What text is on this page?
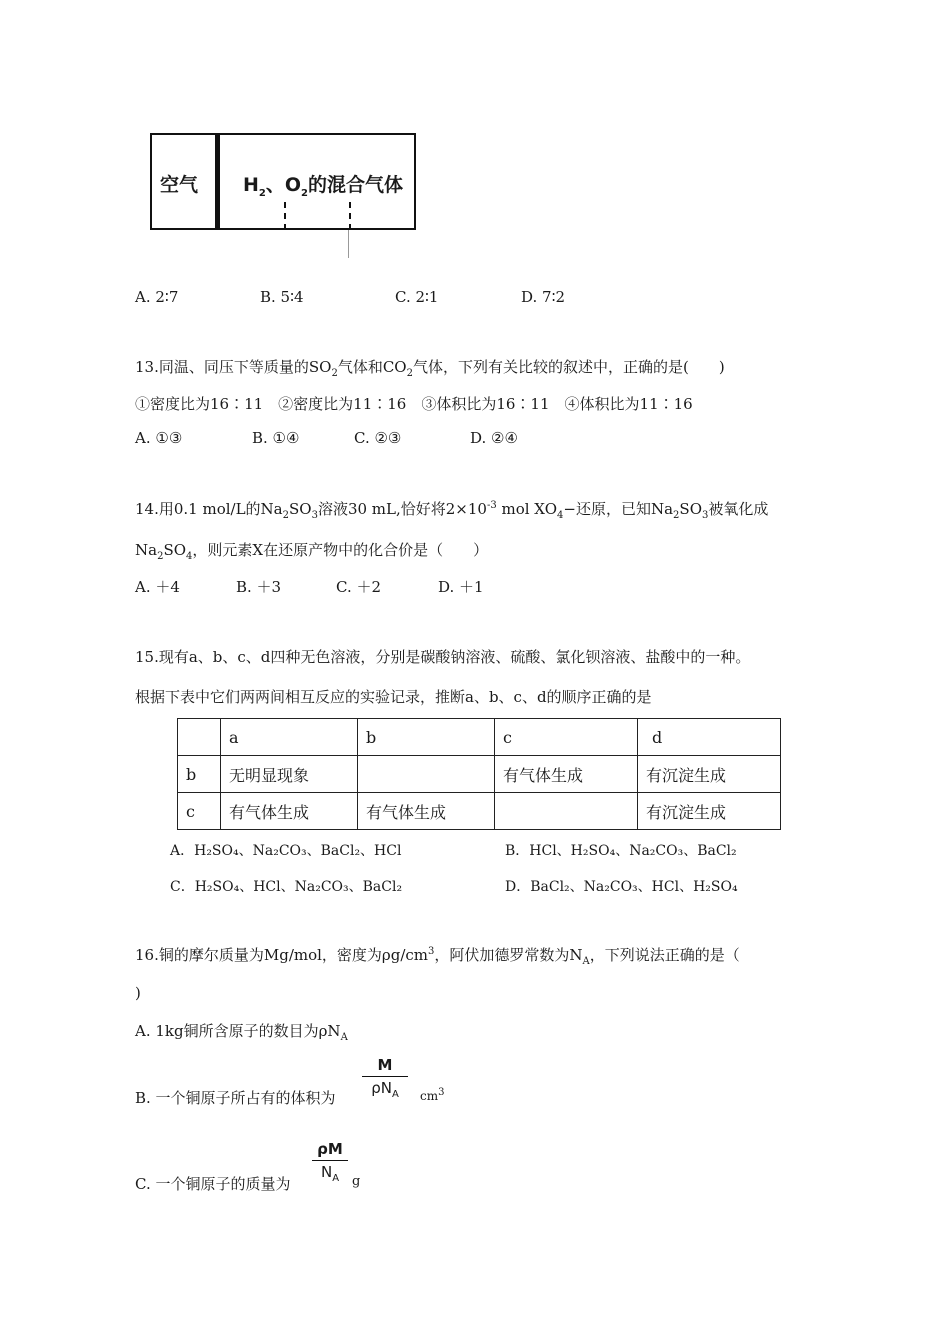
空气 $H_2$、$O_2$的混合气体
A. 2∶7	B. 5∶4	C. 2∶1	D. 7∶2
13.同温、同压下等质量的$SO_2$气体和$CO_2$气体，下列有关比较的叙述中，正确的是(　　)
①密度比为16∶11　②密度比为11∶16　③体积比为16∶11　④体积比为11∶16
A. ①③	B. ①④	C. ②③	D. ②④
14.用0.1 mol/L的$Na_2SO_3$溶液30 mL,恰好将$2\times 10^{-3}$ mol $XO_4-$还原，已知$Na_2SO_3$被氧化成
$Na_2SO_4$，则元素X在还原产物中的化合价是（　　）
A. ＋4	B. ＋3	C. ＋2	D. ＋1
15.现有a、b、c、d四种无色溶液，分别是碳酸钠溶液、硫酸、氯化钡溶液、盐酸中的一种。
根据下表中它们两两间相互反应的实验记录，推断a、b、c、d的顺序正确的是
	a	b	c	d
b	无明显现象		有气体生成	有沉淀生成
c	有气体生成	有气体生成		有沉淀生成
A．H₂SO₄、Na₂CO₃、BaCl₂、HCl	B．HCl、H₂SO₄、Na₂CO₃、BaCl₂
C．H₂SO₄、HCl、Na₂CO₃、BaCl₂	D．BaCl₂、Na₂CO₃、HCl、H₂SO₄
16.铜的摩尔质量为Mg/mol，密度为$\rho g/cm^3$，阿伏加德罗常数为$N_A$，下列说法正确的是（
)
A. 1kg铜所含原子的数目为$\rho N_A$
B. 一个铜原子所占有的体积为
M
$\rho N_A$	$cm^3$
C. 一个铜原子的质量为
ρM
$N_A$ g
